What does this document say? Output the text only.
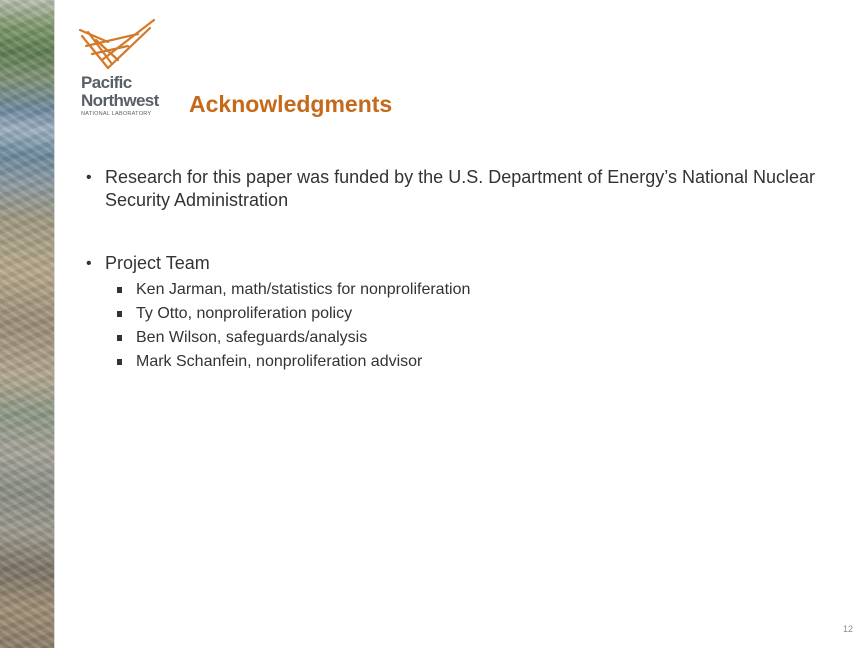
Pacific
Northwest
NATIONAL LABORATORY Acknowledgments
• Research for this paper was funded by the U.S. Department of Energy’s National Nuclear Security Administration
• Project Team
Ken Jarman, math/statistics for nonproliferation
Ty Otto, nonproliferation policy
Ben Wilson, safeguards/analysis
Mark Schanfein, nonproliferation advisor
12
